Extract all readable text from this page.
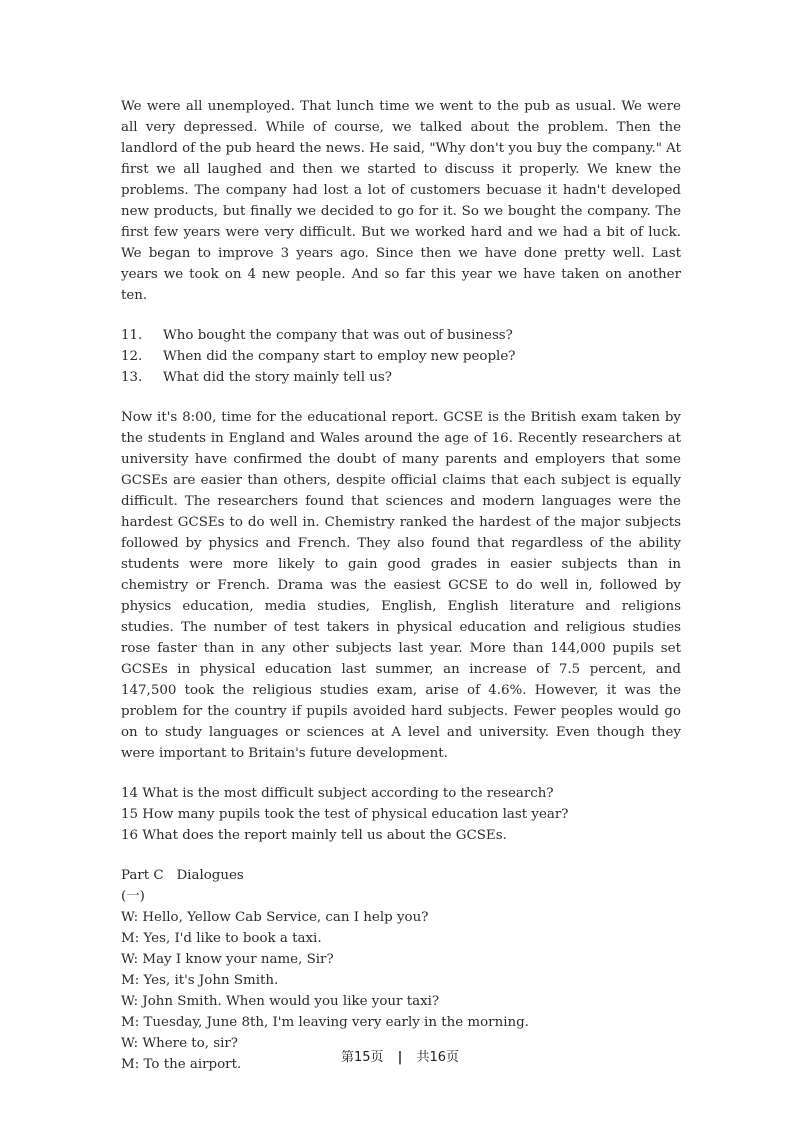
We were all unemployed. That lunch time we went to the pub as usual. We were all very depressed. While of course, we talked about the problem. Then the landlord of the pub heard the news. He said, "Why don't you buy the company." At first we all laughed and then we started to discuss it properly. We knew the problems. The company had lost a lot of customers becuase it hadn't developed new products, but finally we decided to go for it. So we bought the company. The first few years were very difficult. But we worked hard and we had a bit of luck. We began to improve 3 years ago. Since then we have done pretty well. Last years we took on 4 new people. And so far this year we have taken on another ten.

11. Who bought the company that was out of business?

12. When did the company start to employ new people?

13. What did the story mainly tell us?

Now it's 8:00, time for the educational report. GCSE is the British exam taken by the students in England and Wales around the age of 16. Recently researchers at university have confirmed the doubt of many parents and employers that some GCSEs are easier than others, despite official claims that each subject is equally difficult. The researchers found that sciences and modern languages were the hardest GCSEs to do well in. Chemistry ranked the hardest of the major subjects followed by physics and French. They also found that regardless of the ability students were more likely to gain good grades in easier subjects than in chemistry or French. Drama was the easiest GCSE to do well in, followed by physics education, media studies, English, English literature and religions studies. The number of test takers in physical education and religious studies rose faster than in any other subjects last year. More than 144,000 pupils set GCSEs in physical education last summer, an increase of 7.5 percent, and 147,500 took the religious studies exam, arise of 4.6%. However, it was the problem for the country if pupils avoided hard subjects. Fewer peoples would go on to study languages or sciences at A level and university. Even though they were important to Britain's future development.

14 What is the most difficult subject according to the research?

15 How many pupils took the test of physical education last year?

16 What does the report mainly tell us about the GCSEs.

Part C   Dialogues

(一)

W: Hello, Yellow Cab Service, can I help you?

M: Yes, I'd like to book a taxi.

W: May I know your name, Sir?

M: Yes, it's John Smith.

W: John Smith. When would you like your taxi?

M: Tuesday, June 8th, I'm leaving very early in the morning.

W: Where to, sir?

M: To the airport.	第15页 | 共16页
